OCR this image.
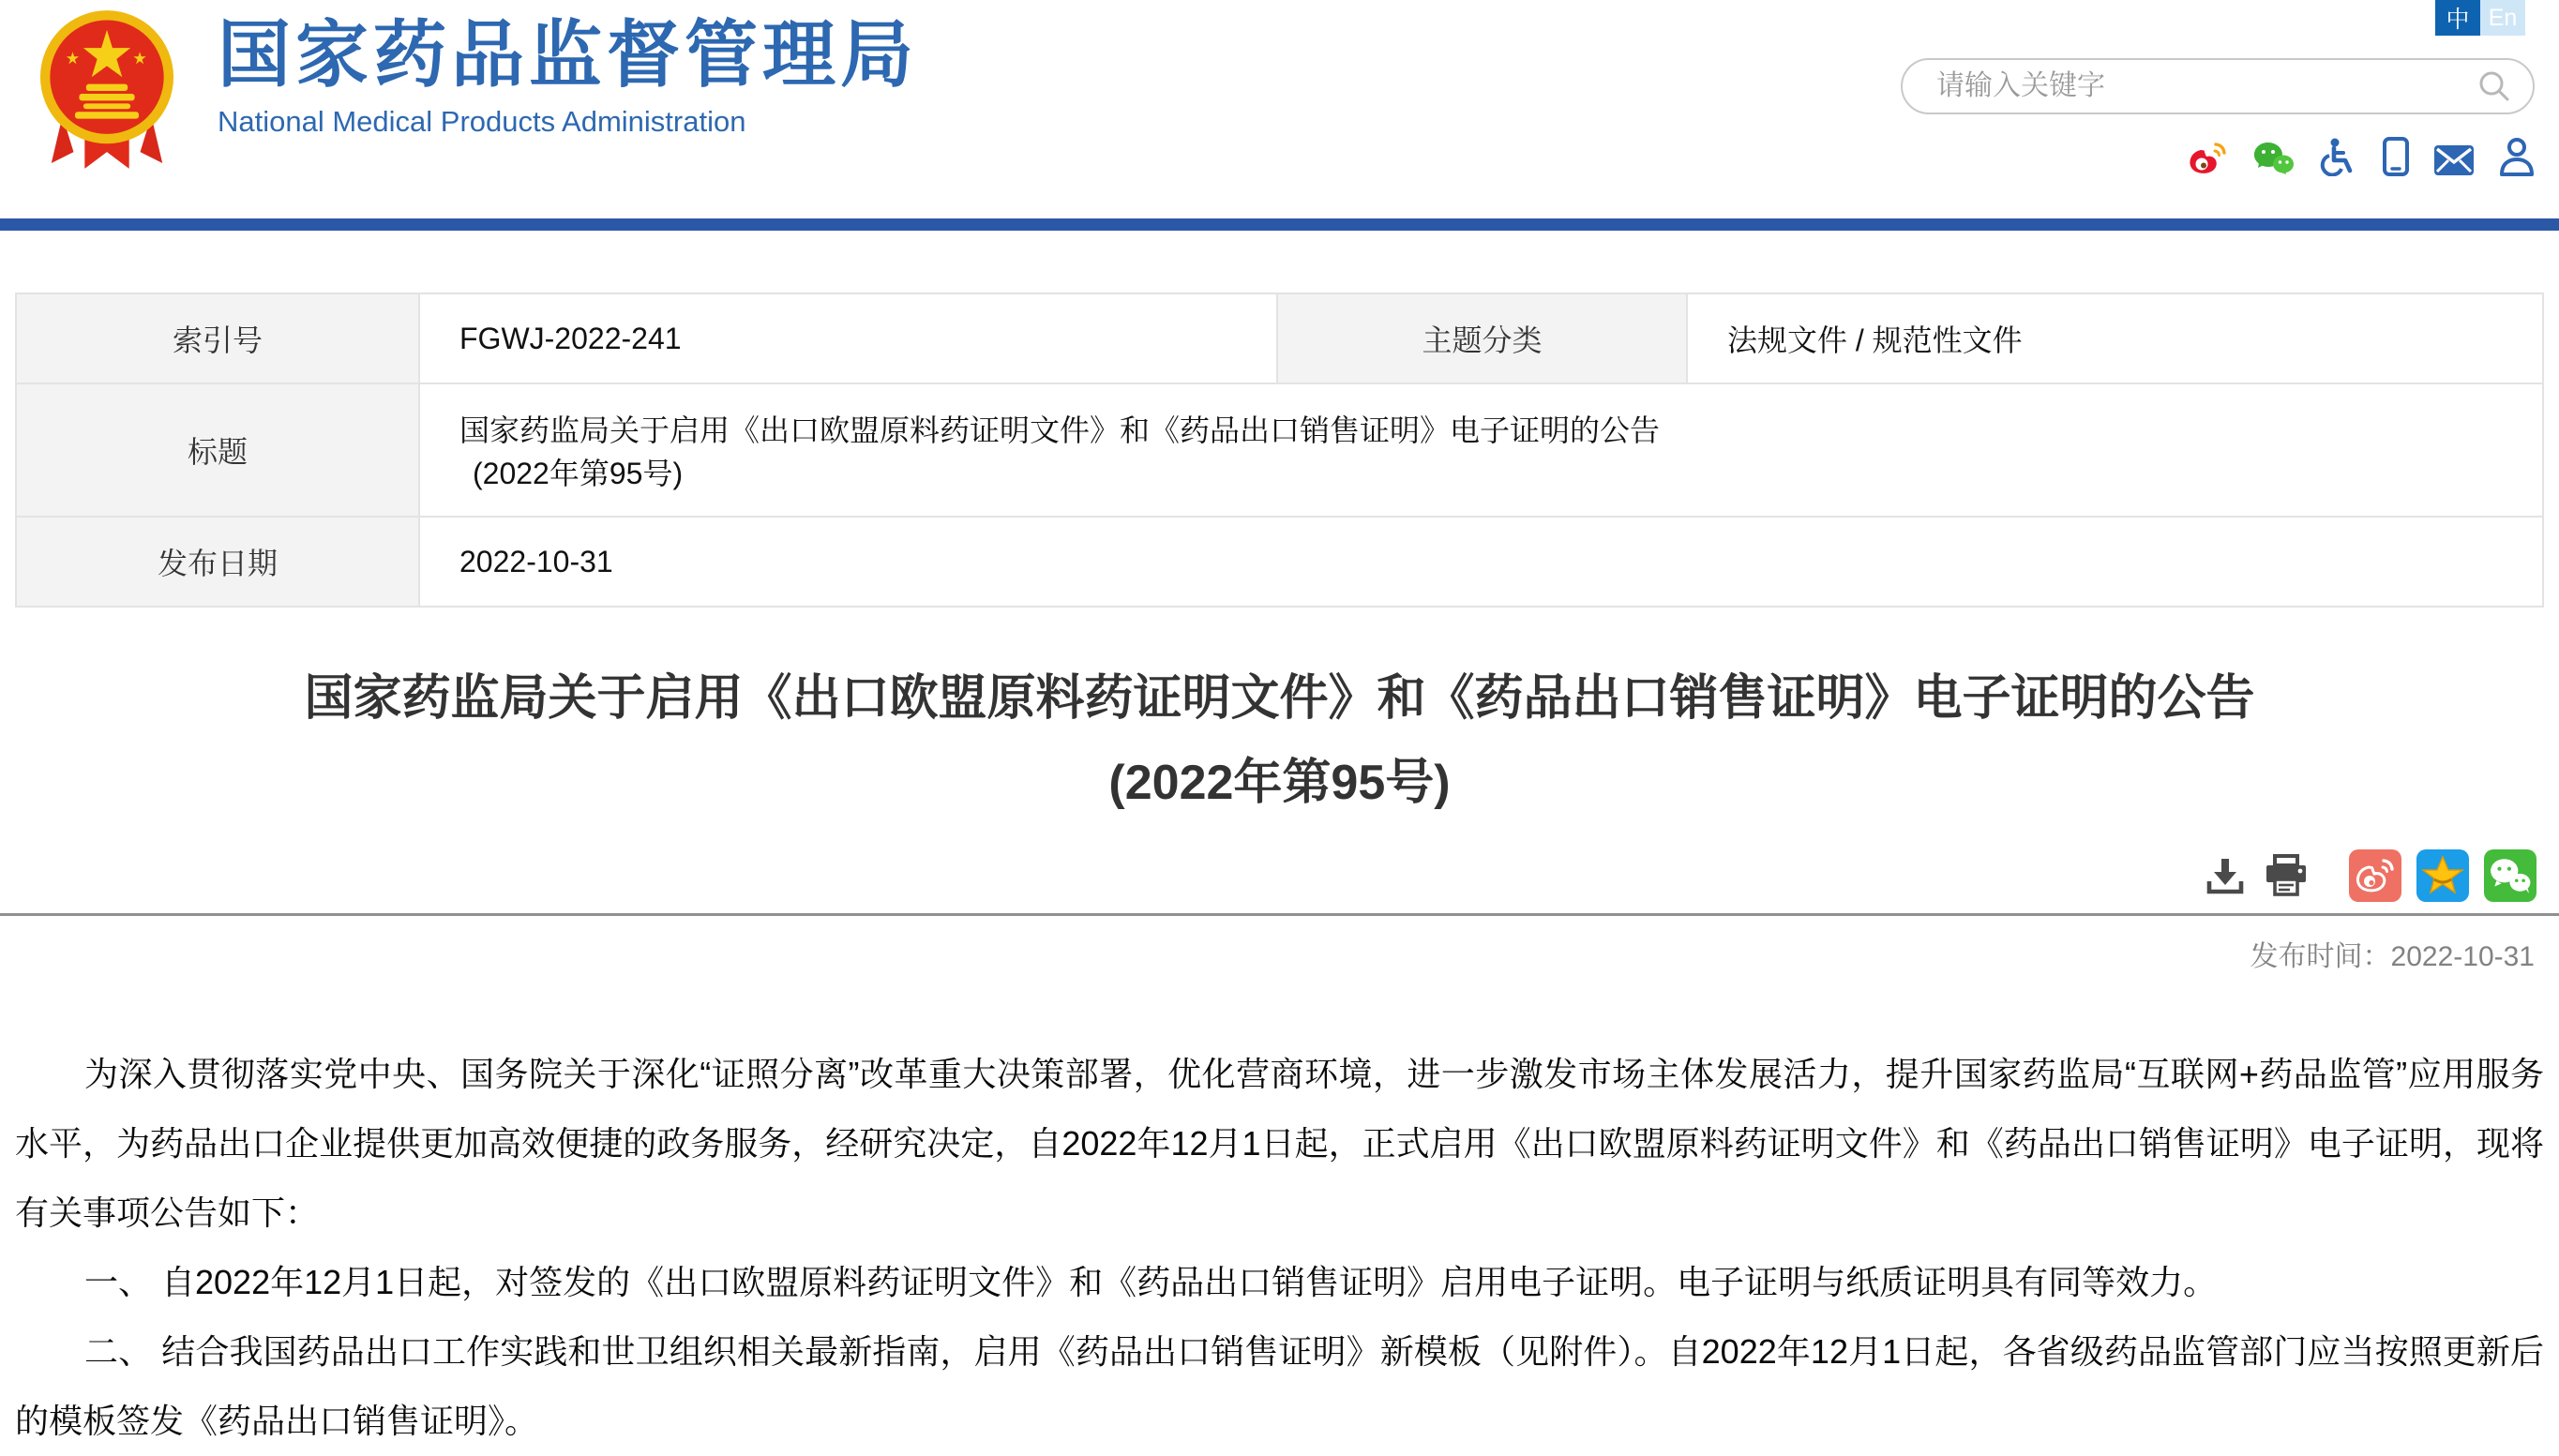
国家药品监督管理局
National Medical Products Administration
中 En
请输入关键字
索引号	FGWJ-2022-241	主题分类	法规文件 / 规范性文件
标题	国家药监局关于启用《出口欧盟原料药证明文件》和《药品出口销售证明》电子证明的公告
(2022年第95号)		

发布日期	2022-10-31		
国家药监局关于启用《出口欧盟原料药证明文件》和《药品出口销售证明》电子证明的公告
(2022年第95号)
发布时间：2022-10-31

为深入贯彻落实党中央、国务院关于深化“证照分离”改革重大决策部署，优化营商环境，进一步激发市场主体发展活力，提升国家药监局“互联网+药品监管”应用服务水平，为药品出口企业提供更加高效便捷的政务服务，经研究决定，自2022年12月1日起，正式启用《出口欧盟原料药证明文件》和《药品出口销售证明》电子证明，现将有关事项公告如下：

一、 自2022年12月1日起，对签发的《出口欧盟原料药证明文件》和《药品出口销售证明》启用电子证明。电子证明与纸质证明具有同等效力。

二、 结合我国药品出口工作实践和世卫组织相关最新指南，启用《药品出口销售证明》新模板（见附件）。自2022年12月1日起，各省级药品监管部门应当按照更新后的模板签发《药品出口销售证明》。
